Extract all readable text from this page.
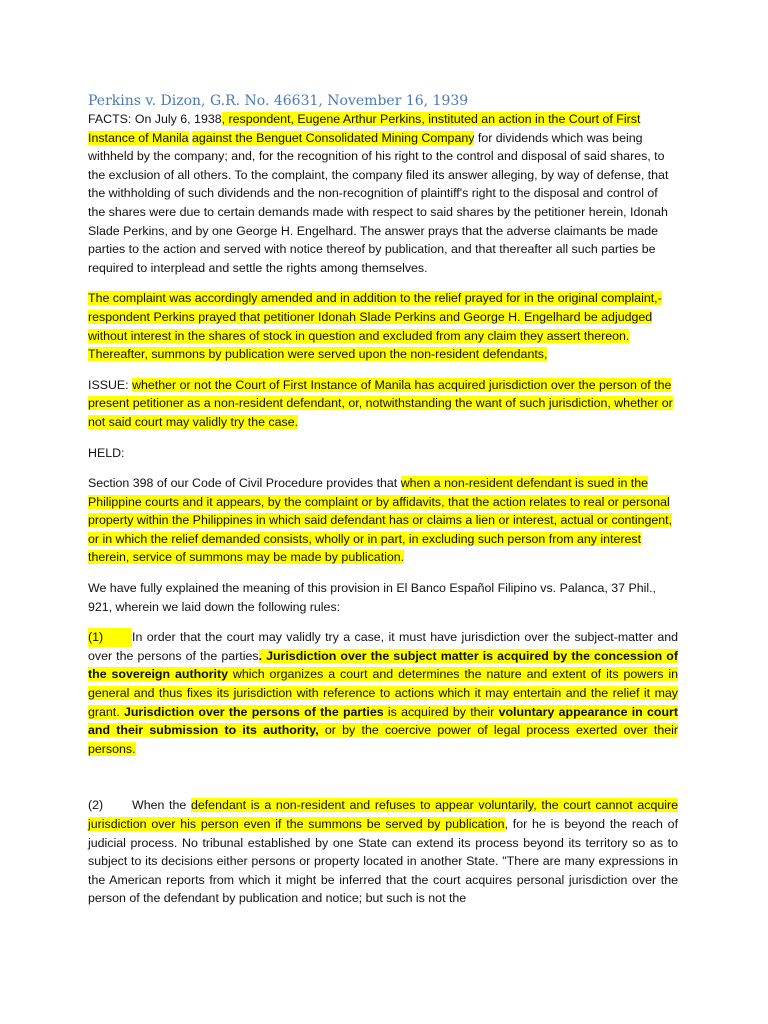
Perkins v. Dizon, G.R. No. 46631, November 16, 1939

FACTS: On July 6, 1938, respondent, Eugene Arthur Perkins, instituted an action in the Court of First Instance of Manila against the Benguet Consolidated Mining Company for dividends which was being withheld by the company; and, for the recognition of his right to the control and disposal of said shares, to the exclusion of all others. To the complaint, the company filed its answer alleging, by way of defense, that the withholding of such dividends and the non-recognition of plaintiff's right to the disposal and control of the shares were due to certain demands made with respect to said shares by the petitioner herein, Idonah Slade Perkins, and by one George H. Engelhard. The answer prays that the adverse claimants be made parties to the action and served with notice thereof by publication, and that thereafter all such parties be required to interplead and settle the rights among themselves.

The complaint was accordingly amended and in addition to the relief prayed for in the original complaint,-respondent Perkins prayed that petitioner Idonah Slade Perkins and George H. Engelhard be adjudged without interest in the shares of stock in question and excluded from any claim they assert thereon. Thereafter, summons by publication were served upon the non-resident defendants,

ISSUE: whether or not the Court of First Instance of Manila has acquired jurisdiction over the person of the present petitioner as a non-resident defendant, or, notwithstanding the want of such jurisdiction, whether or not said court may validly try the case.

HELD:

Section 398 of our Code of Civil Procedure provides that when a non-resident defendant is sued in the Philippine courts and it appears, by the complaint or by affidavits, that the action relates to real or personal property within the Philippines in which said defendant has or claims a lien or interest, actual or contingent, or in which the relief demanded consists, wholly or in part, in excluding such person from any interest therein, service of summons may be made by publication.

We have fully explained the meaning of this provision in El Banco Español Filipino vs. Palanca, 37 Phil., 921, wherein we laid down the following rules:

(1) In order that the court may validly try a case, it must have jurisdiction over the subject-matter and over the persons of the parties. Jurisdiction over the subject matter is acquired by the concession of the sovereign authority which organizes a court and determines the nature and extent of its powers in general and thus fixes its jurisdiction with reference to actions which it may entertain and the relief it may grant. Jurisdiction over the persons of the parties is acquired by their voluntary appearance in court and their submission to its authority, or by the coercive power of legal process exerted over their persons.

(2) When the defendant is a non-resident and refuses to appear voluntarily, the court cannot acquire jurisdiction over his person even if the summons be served by publication, for he is beyond the reach of judicial process. No tribunal established by one State can extend its process beyond its territory so as to subject to its decisions either persons or property located in another State. "There are many expressions in the American reports from which it might be inferred that the court acquires personal jurisdiction over the person of the defendant by publication and notice; but such is not the
